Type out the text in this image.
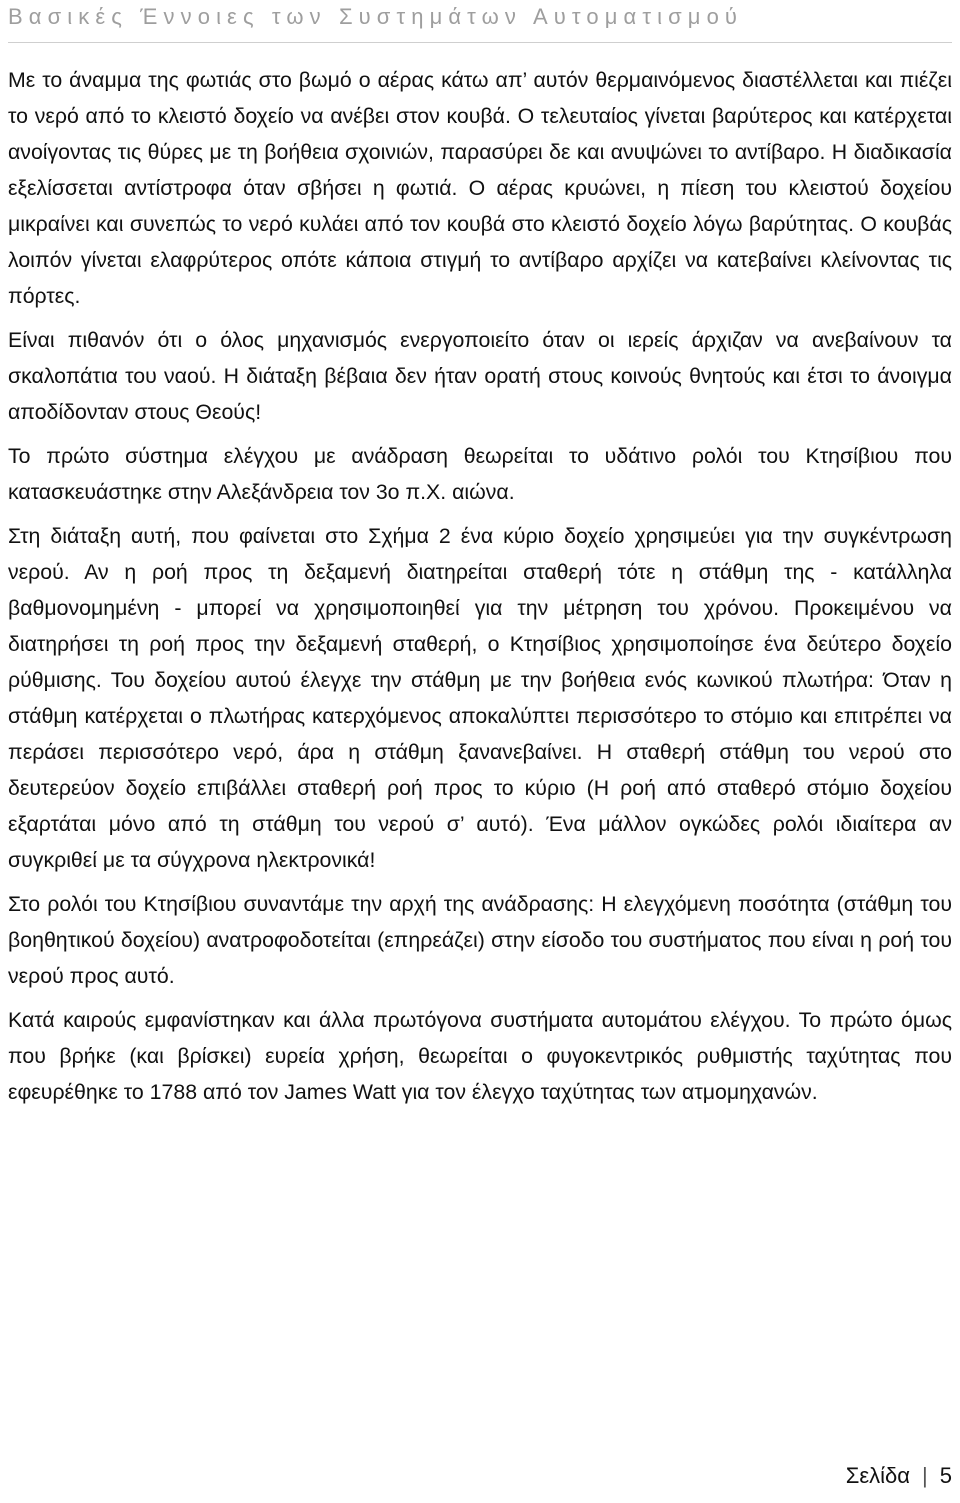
Βασικές Έννοιες των Συστημάτων Αυτοματισμού

Με το άναμμα της φωτιάς στο βωμό ο αέρας κάτω απ’ αυτόν θερμαινόμενος διαστέλλεται και πιέζει το νερό από το κλειστό δοχείο να ανέβει στον κουβά. Ο τελευταίος γίνεται βαρύτερος και κατέρχεται ανοίγοντας τις θύρες με τη βοήθεια σχοινιών, παρασύρει δε και ανυψώνει το αντίβαρο. Η διαδικασία εξελίσσεται αντίστροφα όταν σβήσει η φωτιά. Ο αέρας κρυώνει, η πίεση του κλειστού δοχείου μικραίνει και συνεπώς το νερό κυλάει από τον κουβά στο κλειστό δοχείο λόγω βαρύτητας. Ο κουβάς λοιπόν γίνεται ελαφρύτερος οπότε κάποια στιγμή το αντίβαρο αρχίζει να κατεβαίνει κλείνοντας τις πόρτες.

Είναι πιθανόν ότι ο όλος μηχανισμός ενεργοποιείτο όταν οι ιερείς άρχιζαν να ανεβαίνουν τα σκαλοπάτια του ναού. Η διάταξη βέβαια δεν ήταν ορατή στους κοινούς θνητούς και έτσι το άνοιγμα αποδίδονταν στους Θεούς!

Το πρώτο σύστημα ελέγχου με ανάδραση θεωρείται το υδάτινο ρολόι του Κτησίβιου που κατασκευάστηκε στην Αλεξάνδρεια τον 3ο π.Χ. αιώνα.

Στη διάταξη αυτή, που φαίνεται στο Σχήμα 2 ένα κύριο δοχείο χρησιμεύει για την συγκέντρωση νερού. Αν η ροή προς τη δεξαμενή διατηρείται σταθερή τότε η στάθμη της - κατάλληλα βαθμονομημένη - μπορεί να χρησιμοποιηθεί για την μέτρηση του χρόνου. Προκειμένου να διατηρήσει τη ροή προς την δεξαμενή σταθερή, ο Κτησίβιος χρησιμοποίησε ένα δεύτερο δοχείο ρύθμισης. Του δοχείου αυτού έλεγχε την στάθμη με την βοήθεια ενός κωνικού πλωτήρα: Όταν η στάθμη κατέρχεται ο πλωτήρας κατερχόμενος αποκαλύπτει περισσότερο το στόμιο και επιτρέπει να περάσει περισσότερο νερό, άρα η στάθμη ξανανεβαίνει. Η σταθερή στάθμη του νερού στο δευτερεύον δοχείο επιβάλλει σταθερή ροή προς το κύριο (Η ροή από σταθερό στόμιο δοχείου εξαρτάται μόνο από τη στάθμη του νερού σ’ αυτό). Ένα μάλλον ογκώδες ρολόι ιδιαίτερα αν συγκριθεί με τα σύγχρονα ηλεκτρονικά!

Στο ρολόι του Κτησίβιου συναντάμε την αρχή της ανάδρασης: Η ελεγχόμενη ποσότητα (στάθμη του βοηθητικού δοχείου) ανατροφοδοτείται (επηρεάζει) στην είσοδο του συστήματος που είναι η ροή του νερού προς αυτό.

Κατά καιρούς εμφανίστηκαν και άλλα πρωτόγονα συστήματα αυτομάτου ελέγχου. Το πρώτο όμως που βρήκε (και βρίσκει) ευρεία χρήση, θεωρείται ο φυγοκεντρικός ρυθμιστής ταχύτητας που εφευρέθηκε το 1788 από τον James Watt για τον έλεγχο ταχύτητας των ατμομηχανών.

Σελίδα | 5
